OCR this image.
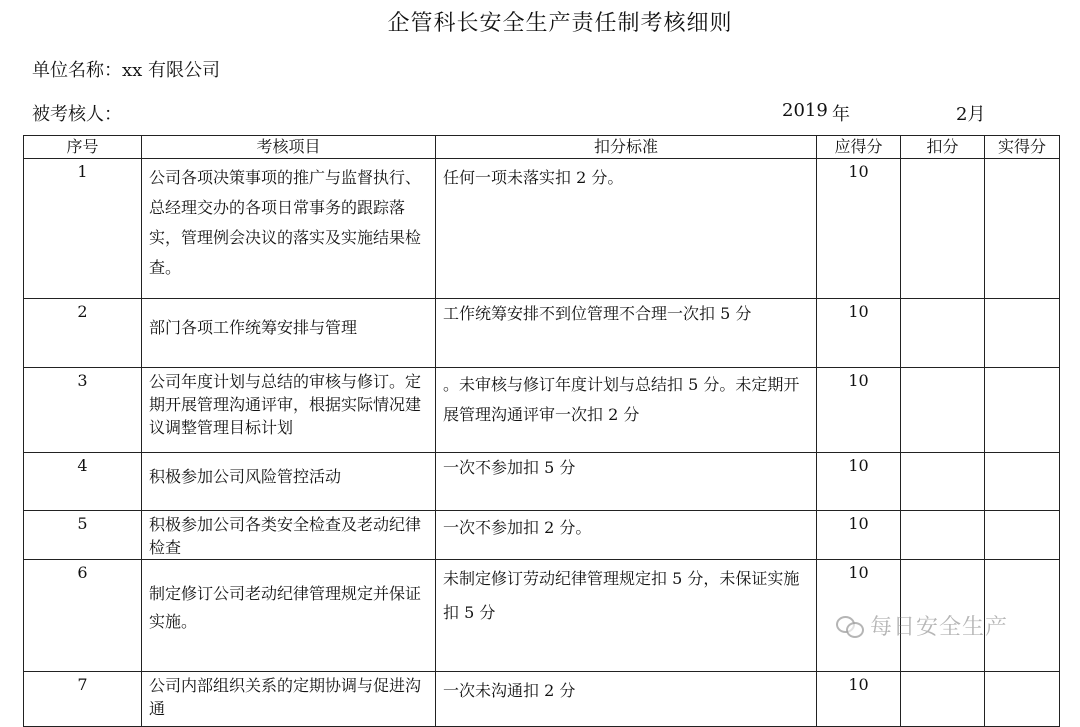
企管科长安全生产责任制考核细则
单位名称：xx 有限公司
被考核人：	2019 年	2月
序号	考核项目	扣分标准	应得分	扣分	实得分
1	公司各项决策事项的推广与监督执行、总经理交办的各项日常事务的跟踪落实，管理例会决议的落实及实施结果检查。	任何一项未落实扣 2 分。	10		
2	部门各项工作统筹安排与管理	工作统筹安排不到位管理不合理一次扣 5 分	10		
3	公司年度计划与总结的审核与修订。定期开展管理沟通评审，根据实际情况建议调整管理目标计划	。未审核与修订年度计划与总结扣 5 分。未定期开展管理沟通评审一次扣 2 分	10		
4	积极参加公司风险管控活动	一次不参加扣 5 分	10		
5	积极参加公司各类安全检查及老动纪律检查	一次不参加扣 2 分。	10		
6	制定修订公司老动纪律管理规定并保证实施。	未制定修订劳动纪律管理规定扣 5 分，未保证实施扣 5 分	10		
7	公司内部组织关系的定期协调与促进沟通	一次未沟通扣 2 分	10		
每日安全生产
